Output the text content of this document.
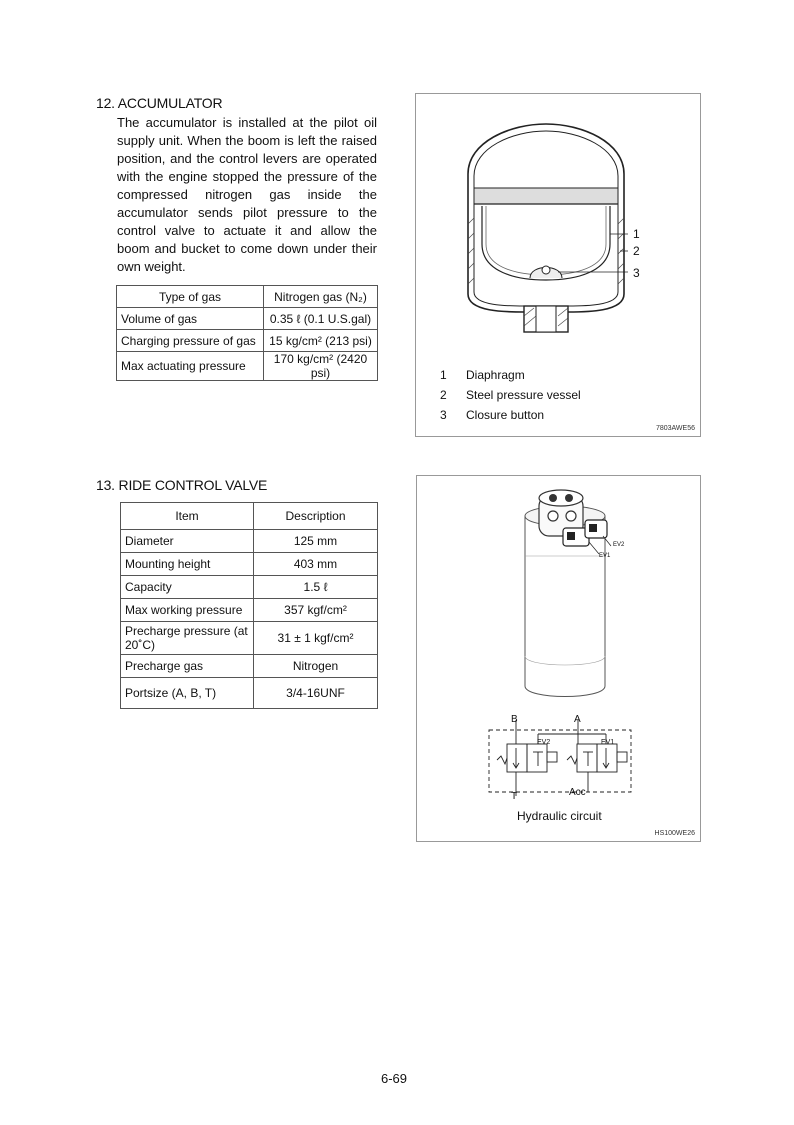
12. ACCUMULATOR
The accumulator is installed at the pilot oil supply unit. When the boom is left the raised position, and the control levers are operated with the engine stopped the pressure of the compressed nitrogen gas inside the accumulator sends pilot pressure to the control valve to actuate it and allow the boom and bucket to come down under their own weight.
Type of gas	Nitrogen gas (N₂)
Volume of gas	0.35 ℓ (0.1 U.S.gal)
Charging pressure of gas	15 kg/cm² (213 psi)
Max actuating pressure	170 kg/cm² (2420 psi)
1
2
3
1	Diaphragm
2	Steel pressure vessel
3	Closure button
7803AWE56
13. RIDE CONTROL VALVE
Item	Description
Diameter	125 mm
Mounting height	403 mm
Capacity	1.5 ℓ
Max working pressure	357 kgf/cm²
Precharge pressure (at 20˚C)	31 ± 1 kgf/cm²
Precharge gas	Nitrogen
Portsize (A, B, T)	3/4-16UNF
EV2
EV1
B	A
EV2	EV1
T	Acc
Hydraulic circuit
HS100WE26
6-69
